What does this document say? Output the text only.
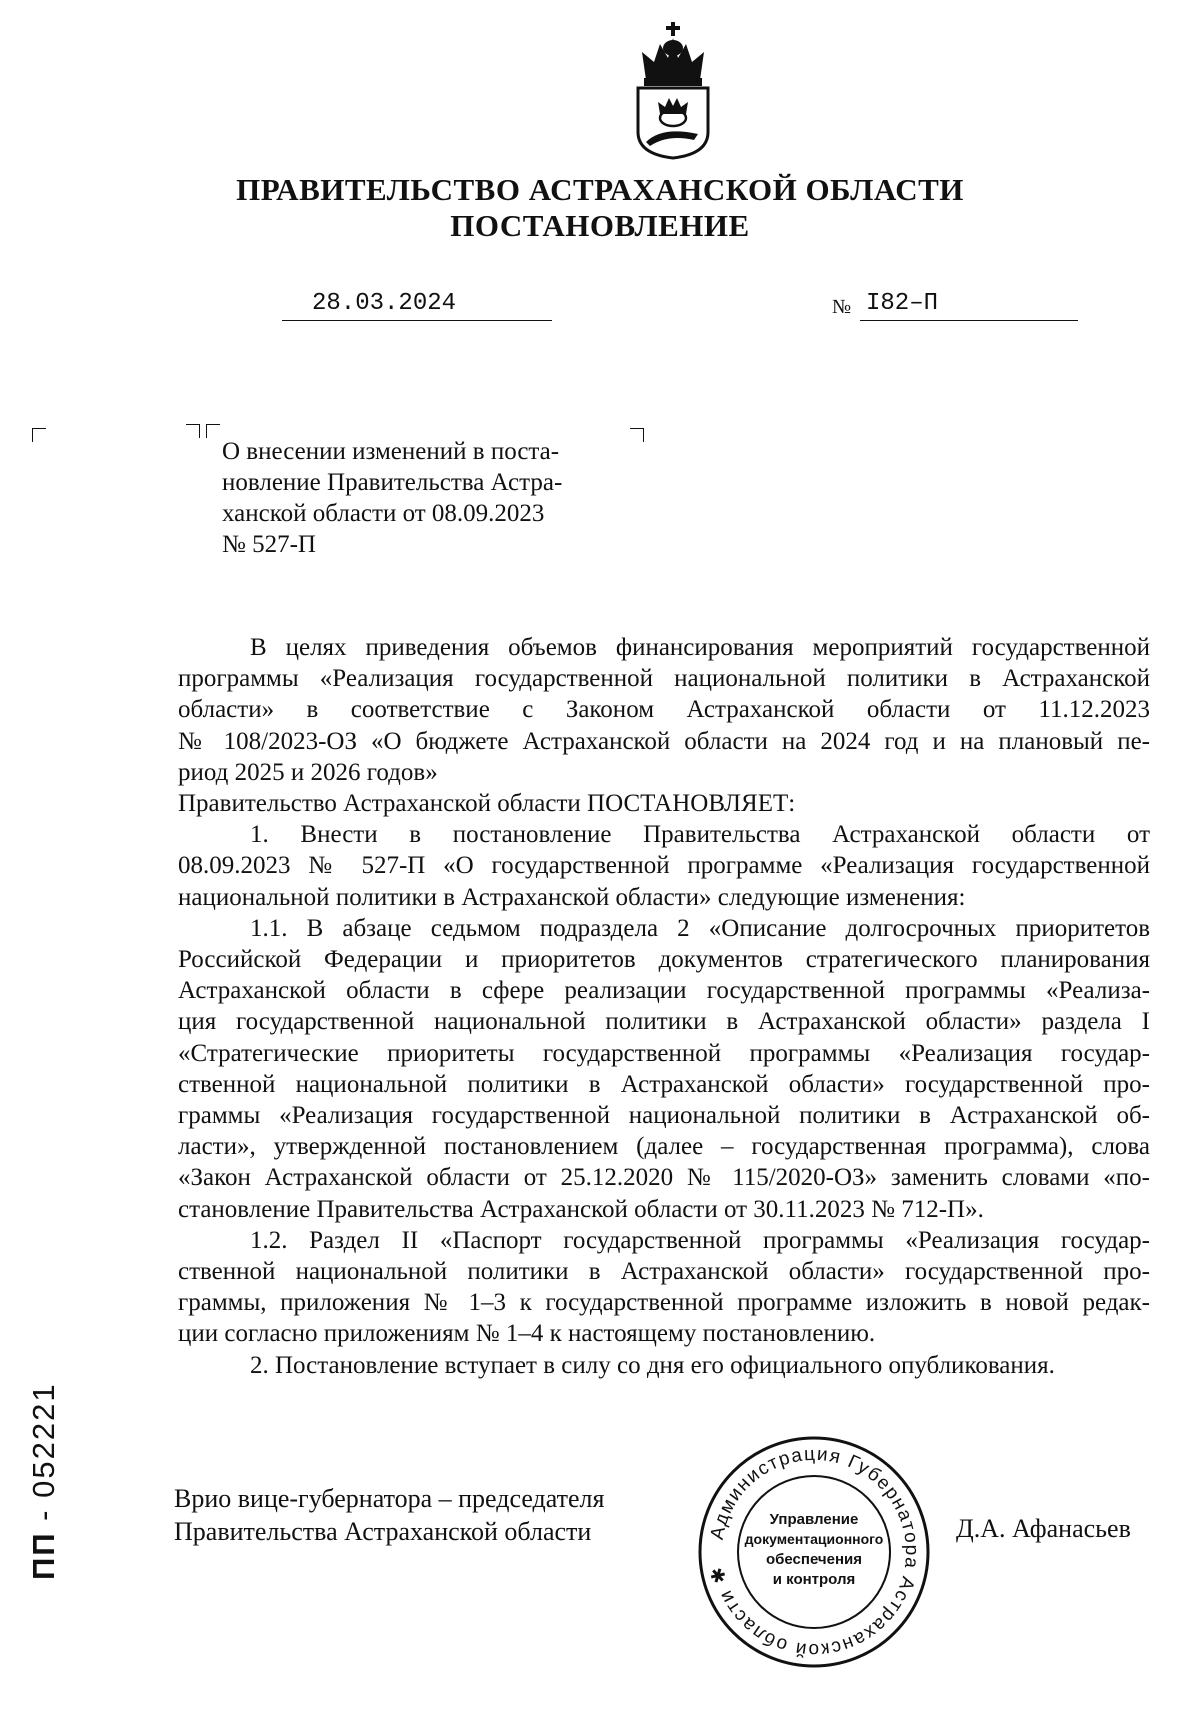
ПРАВИТЕЛЬСТВО АСТРАХАНСКОЙ ОБЛАСТИ
ПОСТАНОВЛЕНИЕ
28.03.2024	№ I82–П
О внесении изменений в поста-
новление Правительства Астра-
ханской области от 08.09.2023
№ 527-П

В целях приведения объемов финансирования мероприятий государственной

программы «Реализация государственной национальной политики в Астраханской

области» в соответствие с Законом Астраханской области от 11.12.2023

№ 108/2023-ОЗ «О бюджете Астраханской области на 2024 год и на плановый пе-

риод 2025 и 2026 годов»

Правительство Астраханской области ПОСТАНОВЛЯЕТ:

1. Внести в постановление Правительства Астраханской области от

08.09.2023 № 527-П «О государственной программе «Реализация государственной

национальной политики в Астраханской области» следующие изменения:

1.1. В абзаце седьмом подраздела 2 «Описание долгосрочных приоритетов

Российской Федерации и приоритетов документов стратегического планирования

Астраханской области в сфере реализации государственной программы «Реализа-

ция государственной национальной политики в Астраханской области» раздела I

«Стратегические приоритеты государственной программы «Реализация государ-

ственной национальной политики в Астраханской области» государственной про-

граммы «Реализация государственной национальной политики в Астраханской об-

ласти», утвержденной постановлением (далее – государственная программа), слова

«Закон Астраханской области от 25.12.2020 № 115/2020-ОЗ» заменить словами «по-

становление Правительства Астраханской области от 30.11.2023 № 712-П».

1.2. Раздел II «Паспорт государственной программы «Реализация государ-

ственной национальной политики в Астраханской области» государственной про-

граммы, приложения № 1–3 к государственной программе изложить в новой редак-

ции согласно приложениям № 1–4 к настоящему постановлению.

2. Постановление вступает в силу со дня его официального опубликования.

Врио вице-губернатора – председателя
Правительства Астраханской области	Администрация Губернатора Астраханской области ✱
Управление
документационного
обеспечения
и контроля
Д.А. Афанасьев
ПП - 052221
